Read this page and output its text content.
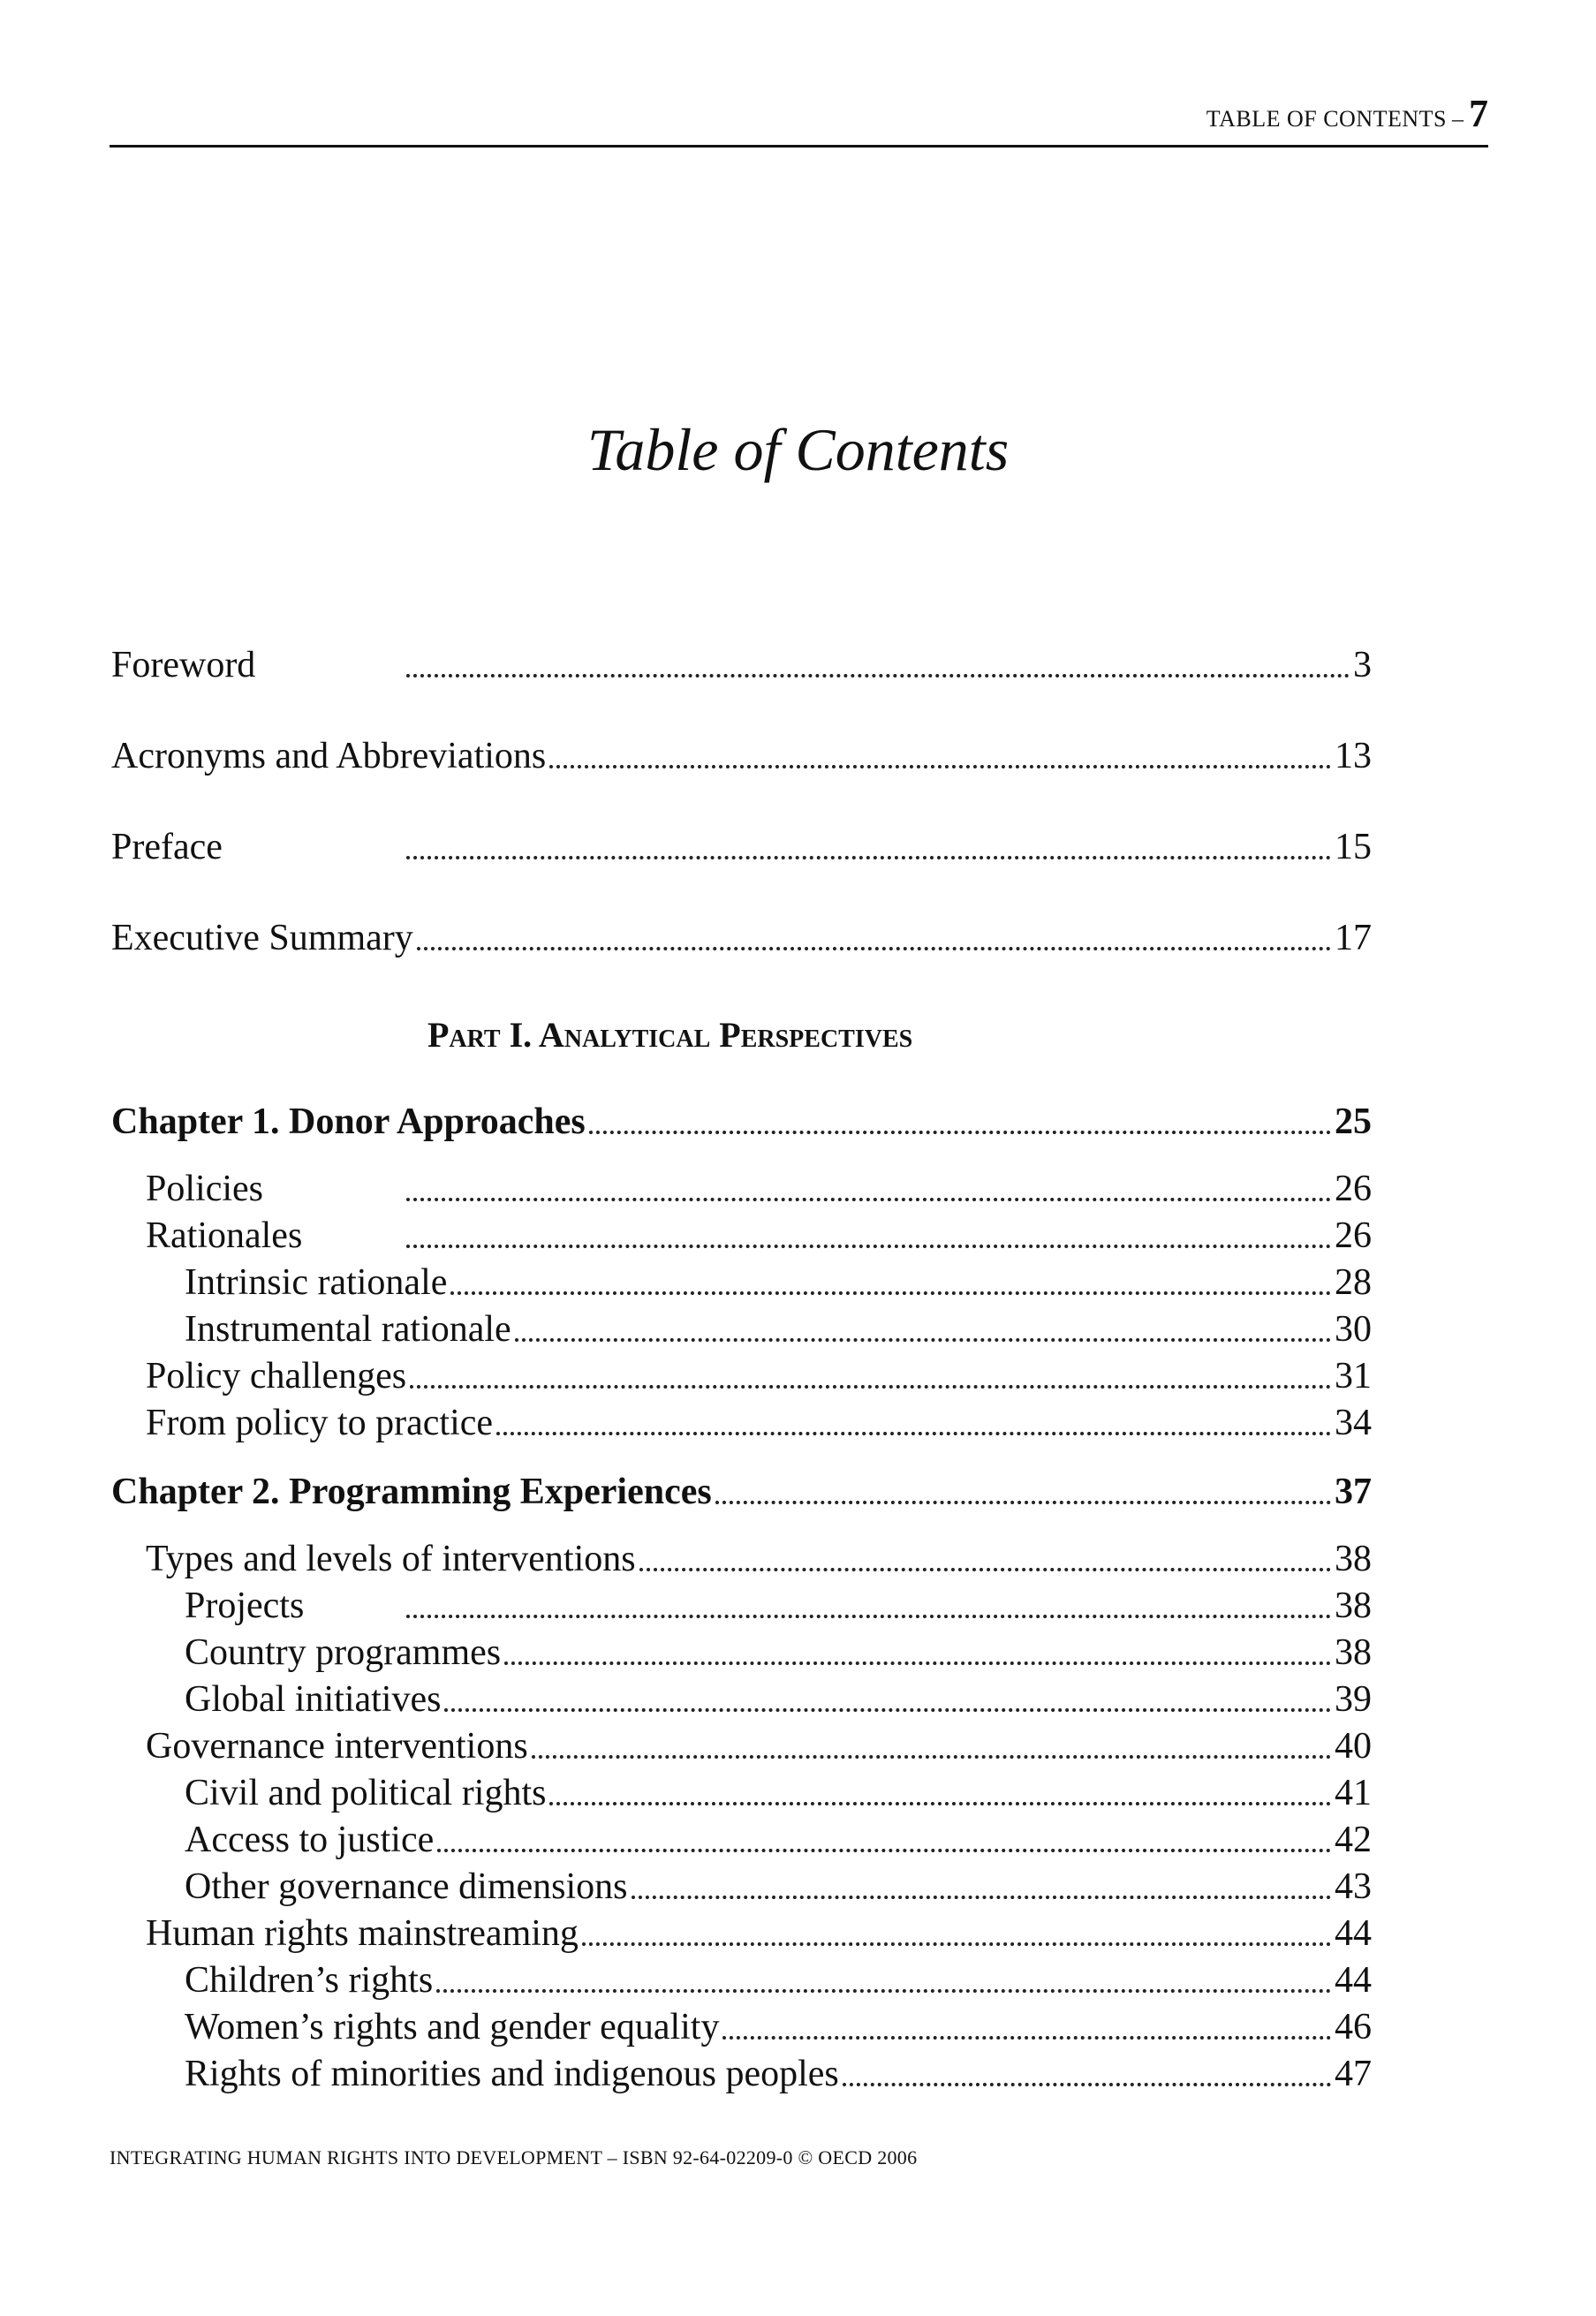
TABLE OF CONTENTS – 7
Table of Contents
Foreword	3
Acronyms and Abbreviations	13
Preface	15
Executive Summary	17
Part I. Analytical Perspectives
Chapter 1. Donor Approaches	25
Policies	26
Rationales	26
Intrinsic rationale	28
Instrumental rationale	30
Policy challenges	31
From policy to practice	34
Chapter 2. Programming Experiences	37
Types and levels of interventions	38
Projects	38
Country programmes	38
Global initiatives	39
Governance interventions	40
Civil and political rights	41
Access to justice	42
Other governance dimensions	43
Human rights mainstreaming	44
Children’s rights	44
Women’s rights and gender equality	46
Rights of minorities and indigenous peoples	47
INTEGRATING HUMAN RIGHTS INTO DEVELOPMENT – ISBN 92-64-02209-0 © OECD 2006
